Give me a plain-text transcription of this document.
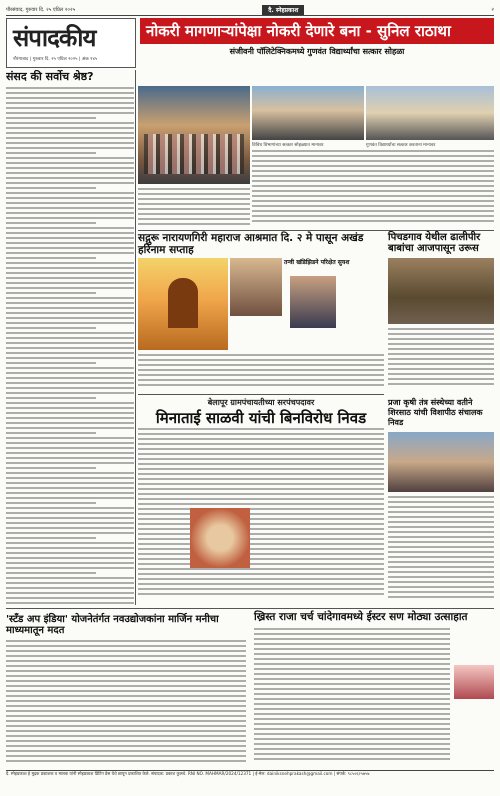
पौरसंवाद, गुरुवार दि. २५ एप्रिल २०२५	दै. स्नेहप्रकाश	२
संपादकीय
नौरंगाबाद | गुरुवार दि. २५ एप्रिल २०२५ | अंक १४५
नोकरी मागणाऱ्यांपेक्षा नोकरी देणारे बना - सुनिल राठाथा
संजीवनी पॉलिटेक्निकमध्ये गुणवंत विद्यार्थ्यांचा सत्कार सोहळा
संसद की सर्वोच श्रेष्ठ?
विविध विभागांच्या सत्कार सोहळ्यात मान्यवर	गुणवंत विद्यार्थ्यांचा सत्कार करताना मान्यवर
सद्गुरू नारायणगिरी महाराज आश्रमात दि. २ मे पासून अखंड हरिनाम सप्ताह
पिचडगाव येथील ढालीपीर बाबांचा आजपासून उरूस
तन्वी खंडिझिडने परिक्षेत सुयश
बेलापूर ग्रामपंचायतीच्या सरपंचपदावर
मिनाताई साळवी यांची बिनविरोध निवड
प्रजा कृषी तंत्र संस्थेच्या वतीने शिरसाठ यांची विशापीठ संचालक निवड
'स्टँड अप इंडिया' योजनेतंर्गत नवउद्योजकांना मार्जिन मनीचा माध्यमातून मदत
ख्रिस्त राजा चर्च चांदेगावमध्ये ईस्टर सण मोठ्या उत्साहात
दै. स्नेहप्रकाश हे मुद्रक प्रकाशक व मालक यांनी स्नेहप्रकाश प्रिंटिंग प्रेस येथे छापून प्रकाशित केले. संपादक: प्रकाश कुलथे. RNI NO. MAHMAR/2024/12371 | ई-मेल: dainiksnehprakash@gmail.com | संपर्क: ९८५०६२५७५७
